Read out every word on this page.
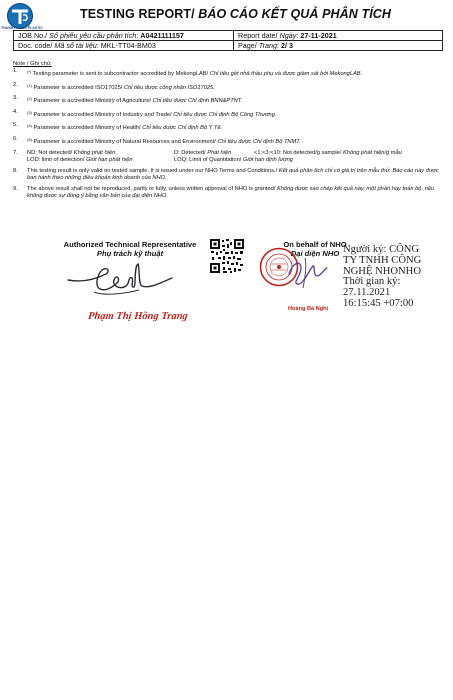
THANH PHUOC PLASTIC
TESTING REPORT/ BÁO CÁO KẾT QUẢ PHÂN TÍCH
JOB No./ Số phiếu yêu cầu phân tích: A0421111157	Report date/ Ngày: 27-11-2021
Doc. code/ Mã số tài liệu: MKL-TT04-BM03	Page/ Trang: 2/ 3
Note / Ghi chú:
1.	(*) Testing parameter is sent to subcontractor accredited by MekongLAB/ Chỉ tiêu gởi nhà thầu phụ và được giám sát bởi MekongLAB.
2.	$^{(1)}$ Parameter is accredited ISO17025/ Chỉ tiêu được công nhận ISO17025.
3.	$^{(2)}$ Parameter is accredited Ministry of Agriculture/ Chỉ tiêu được Chỉ định BNN&PTNT.
4.	$^{(3)}$ Parameter is accredited Ministry of Industry and Trade/ Chỉ tiêu được Chỉ định Bộ Công Thương.
5.	$^{(4)}$ Parameter is accredited Ministry of Health/ Chỉ tiêu được Chỉ định Bộ Y Tế.
6.	$^{(5)}$ Parameter is accredited Ministry of Natural Resources and Environment/ Chỉ tiêu được Chỉ định Bộ TNMT.
7.	ND: Not detected/ Không phát hiện	D: Detected/ Phát hiện	<1;<3;<10: Not detected/g sample/ Không phát hiện/g mẫu
LOD: limit of detection/ Giới hạn phát hiện	LOQ: Limit of Quantitation/ Giới hạn định lượng
8.	This testing result is only valid on tested sample. It is issued under our NHO Terms and Conditions./ Kết quả phân tích chỉ có giá trị trên mẫu thử. Báo cáo này được ban hành theo những điều khoản kinh doanh của NHO.
9.	The above result shall not be reproduced, partly or fully, unless written approval of NHO is granted/ Không được sao chép kết quả này, một phần hay toàn bộ, nếu không được sự đồng ý bằng văn bản của đại diện NHO.
Authorized Technical Representative
Phụ trách kỹ thuật
Phạm Thị Hồng Trang
On behalf of NHO
Đại diện NHO
Hoàng Bá Nghi
Người ký: CÔNG
TY TNHH CÔNG
NGHỆ NHONHO
Thời gian ký:
27.11.2021
16:15:45 +07:00
